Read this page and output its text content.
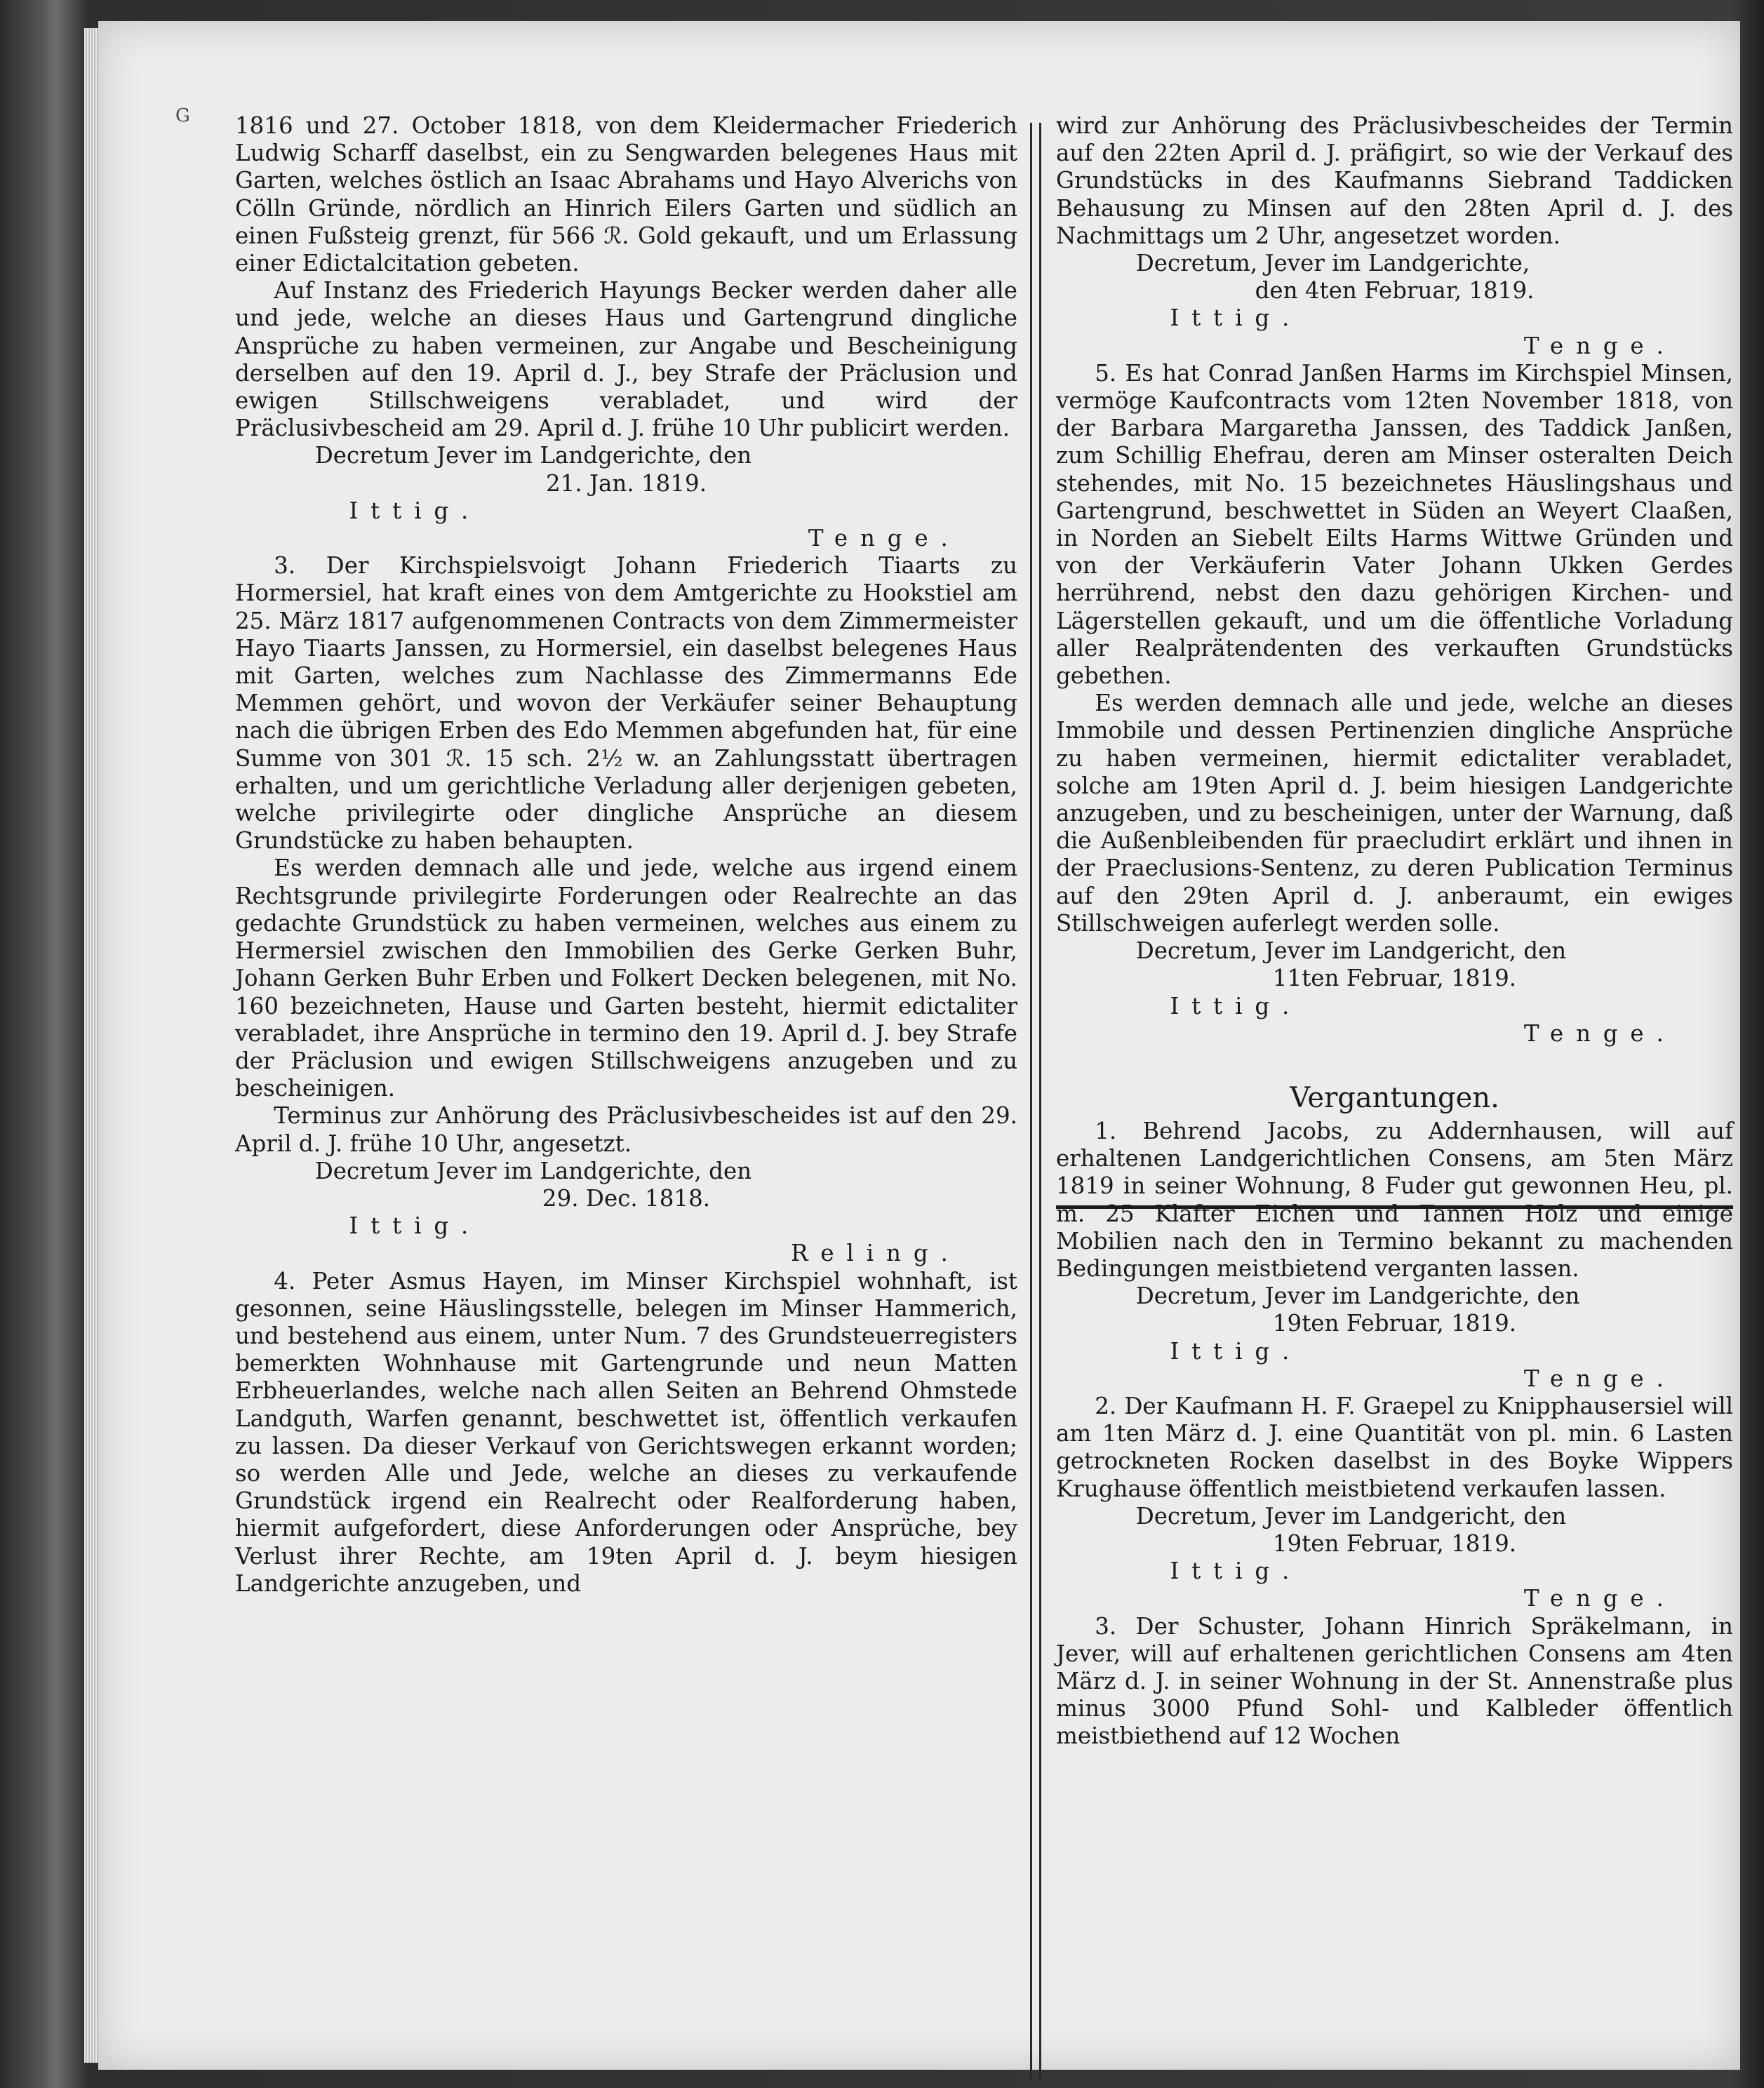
G 1816 und 27. October 1818, von dem Kleidermacher Friederich Ludwig Scharff daselbst, ein zu Sengwarden belegenes Haus mit Garten, welches östlich an Isaac Abrahams und Hayo Alverichs von Cölln Gründe, nördlich an Hinrich Eilers Garten und südlich an einen Fußsteig grenzt, für 566 ℛ. Gold gekauft, und um Erlassung einer Edictalcitation gebeten.

Auf Instanz des Friederich Hayungs Becker werden daher alle und jede, welche an dieses Haus und Gartengrund dingliche Ansprüche zu haben vermeinen, zur Angabe und Bescheinigung derselben auf den 19. April d. J., bey Strafe der Präclusion und ewigen Stillschweigens verabladet, und wird der Präclusivbescheid am 29. April d. J. frühe 10 Uhr publicirt werden.

Decretum Jever im Landgerichte, den

21. Jan. 1819.

Ittig.

Tenge.

3. Der Kirchspielsvoigt Johann Friederich Tiaarts zu Hormersiel, hat kraft eines von dem Amtgerichte zu Hookstiel am 25. März 1817 aufgenommenen Contracts von dem Zimmermeister Hayo Tiaarts Janssen, zu Hormersiel, ein daselbst belegenes Haus mit Garten, welches zum Nachlasse des Zimmermanns Ede Memmen gehört, und wovon der Verkäufer seiner Behauptung nach die übrigen Erben des Edo Memmen abgefunden hat, für eine Summe von 301 ℛ. 15 sch. 2½ w. an Zahlungsstatt übertragen erhalten, und um gerichtliche Verladung aller derjenigen gebeten, welche privilegirte oder dingliche Ansprüche an diesem Grundstücke zu haben behaupten.

Es werden demnach alle und jede, welche aus irgend einem Rechtsgrunde privilegirte Forderungen oder Realrechte an das gedachte Grundstück zu haben vermeinen, welches aus einem zu Hermersiel zwischen den Immobilien des Gerke Gerken Buhr, Johann Gerken Buhr Erben und Folkert Decken belegenen, mit No. 160 bezeichneten, Hause und Garten besteht, hiermit edictaliter verabladet, ihre Ansprüche in termino den 19. April d. J. bey Strafe der Präclusion und ewigen Stillschweigens anzugeben und zu bescheinigen.

Terminus zur Anhörung des Präclusivbescheides ist auf den 29. April d. J. frühe 10 Uhr, angesetzt.

Decretum Jever im Landgerichte, den

29. Dec. 1818.

Ittig.

Reling.

4. Peter Asmus Hayen, im Minser Kirchspiel wohnhaft, ist gesonnen, seine Häuslingsstelle, belegen im Minser Hammerich, und bestehend aus einem, unter Num. 7 des Grundsteuerregisters bemerkten Wohnhause mit Gartengrunde und neun Matten Erbheuerlandes, welche nach allen Seiten an Behrend Ohmstede Landguth, Warfen genannt, beschwettet ist, öffentlich verkaufen zu lassen. Da dieser Verkauf von Gerichtswegen erkannt worden; so werden Alle und Jede, welche an dieses zu verkaufende Grundstück irgend ein Realrecht oder Realforderung haben, hiermit aufgefordert, diese Anforderungen oder Ansprüche, bey Verlust ihrer Rechte, am 19ten April d. J. beym hiesigen Landgerichte anzugeben, und

wird zur Anhörung des Präclusivbescheides der Termin auf den 22ten April d. J. präfigirt, so wie der Verkauf des Grundstücks in des Kaufmanns Siebrand Taddicken Behausung zu Minsen auf den 28ten April d. J. des Nachmittags um 2 Uhr, angesetzet worden.

Decretum, Jever im Landgerichte,

den 4ten Februar, 1819.

Ittig.

Tenge.

5. Es hat Conrad Janßen Harms im Kirchspiel Minsen, vermöge Kaufcontracts vom 12ten November 1818, von der Barbara Margaretha Janssen, des Taddick Janßen, zum Schillig Ehefrau, deren am Minser osteralten Deich stehendes, mit No. 15 bezeichnetes Häuslingshaus und Gartengrund, beschwettet in Süden an Weyert Claaßen, in Norden an Siebelt Eilts Harms Wittwe Gründen und von der Verkäuferin Vater Johann Ukken Gerdes herrührend, nebst den dazu gehörigen Kirchen- und Lägerstellen gekauft, und um die öffentliche Vorladung aller Realprätendenten des verkauften Grundstücks gebethen.

Es werden demnach alle und jede, welche an dieses Immobile und dessen Pertinenzien dingliche Ansprüche zu haben vermeinen, hiermit edictaliter verabladet, solche am 19ten April d. J. beim hiesigen Landgerichte anzugeben, und zu bescheinigen, unter der Warnung, daß die Außenbleibenden für praecludirt erklärt und ihnen in der Praeclusions-Sentenz, zu deren Publication Terminus auf den 29ten April d. J. anberaumt, ein ewiges Stillschweigen auferlegt werden solle.

Decretum, Jever im Landgericht, den

11ten Februar, 1819.

Ittig.

Tenge.

Vergantungen.

1. Behrend Jacobs, zu Addernhausen, will auf erhaltenen Landgerichtlichen Consens, am 5ten März 1819 in seiner Wohnung, 8 Fuder gut gewonnen Heu, pl. m. 25 Klafter Eichen und Tannen Holz und einige Mobilien nach den in Termino bekannt zu machenden Bedingungen meistbietend verganten lassen.

Decretum, Jever im Landgerichte, den

19ten Februar, 1819.

Ittig.

Tenge.

2. Der Kaufmann H. F. Graepel zu Knipphausersiel will am 1ten März d. J. eine Quantität von pl. min. 6 Lasten getrockneten Rocken daselbst in des Boyke Wippers Krughause öffentlich meistbietend verkaufen lassen.

Decretum, Jever im Landgericht, den

19ten Februar, 1819.

Ittig.

Tenge.

3. Der Schuster, Johann Hinrich Spräkelmann, in Jever, will auf erhaltenen gerichtlichen Consens am 4ten März d. J. in seiner Wohnung in der St. Annenstraße plus minus 3000 Pfund Sohl- und Kalbleder öffentlich meistbiethend auf 12 Wochen
